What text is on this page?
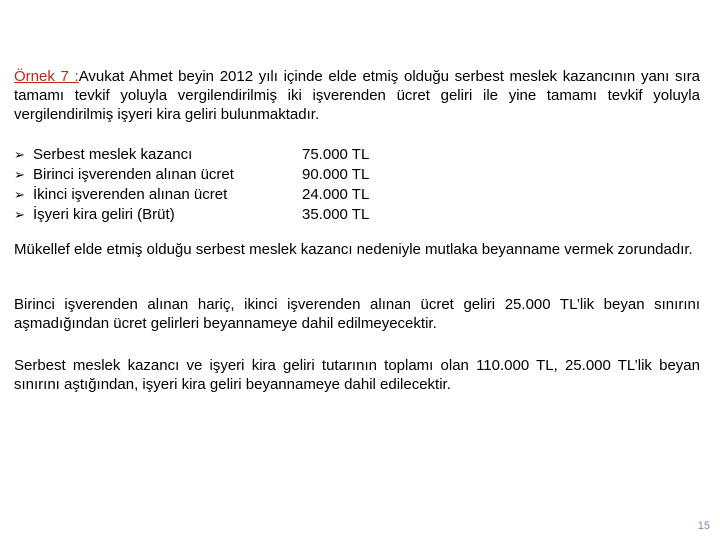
Örnek 7 :Avukat Ahmet beyin 2012 yılı içinde elde etmiş olduğu serbest meslek kazancının yanı sıra tamamı tevkif yoluyla vergilendirilmiş iki işverenden ücret geliri ile yine tamamı tevkif yoluyla vergilendirilmiş işyeri kira geliri bulunmaktadır.
➢ Serbest meslek kazancı	75.000 TL
➢ Birinci işverenden alınan ücret	90.000 TL
➢ İkinci işverenden alınan ücret	24.000 TL
➢ İşyeri kira geliri (Brüt)	35.000 TL
Mükellef elde etmiş olduğu serbest meslek kazancı nedeniyle mutlaka beyanname vermek zorundadır.
Birinci işverenden alınan hariç, ikinci işverenden alınan ücret geliri 25.000 TL’lik beyan sınırını aşmadığından ücret gelirleri beyannameye dahil edilmeyecektir.
Serbest meslek kazancı ve işyeri kira geliri tutarının toplamı olan 110.000 TL, 25.000 TL’lik beyan sınırını aştığından, işyeri kira geliri beyannameye dahil edilecektir.
15
